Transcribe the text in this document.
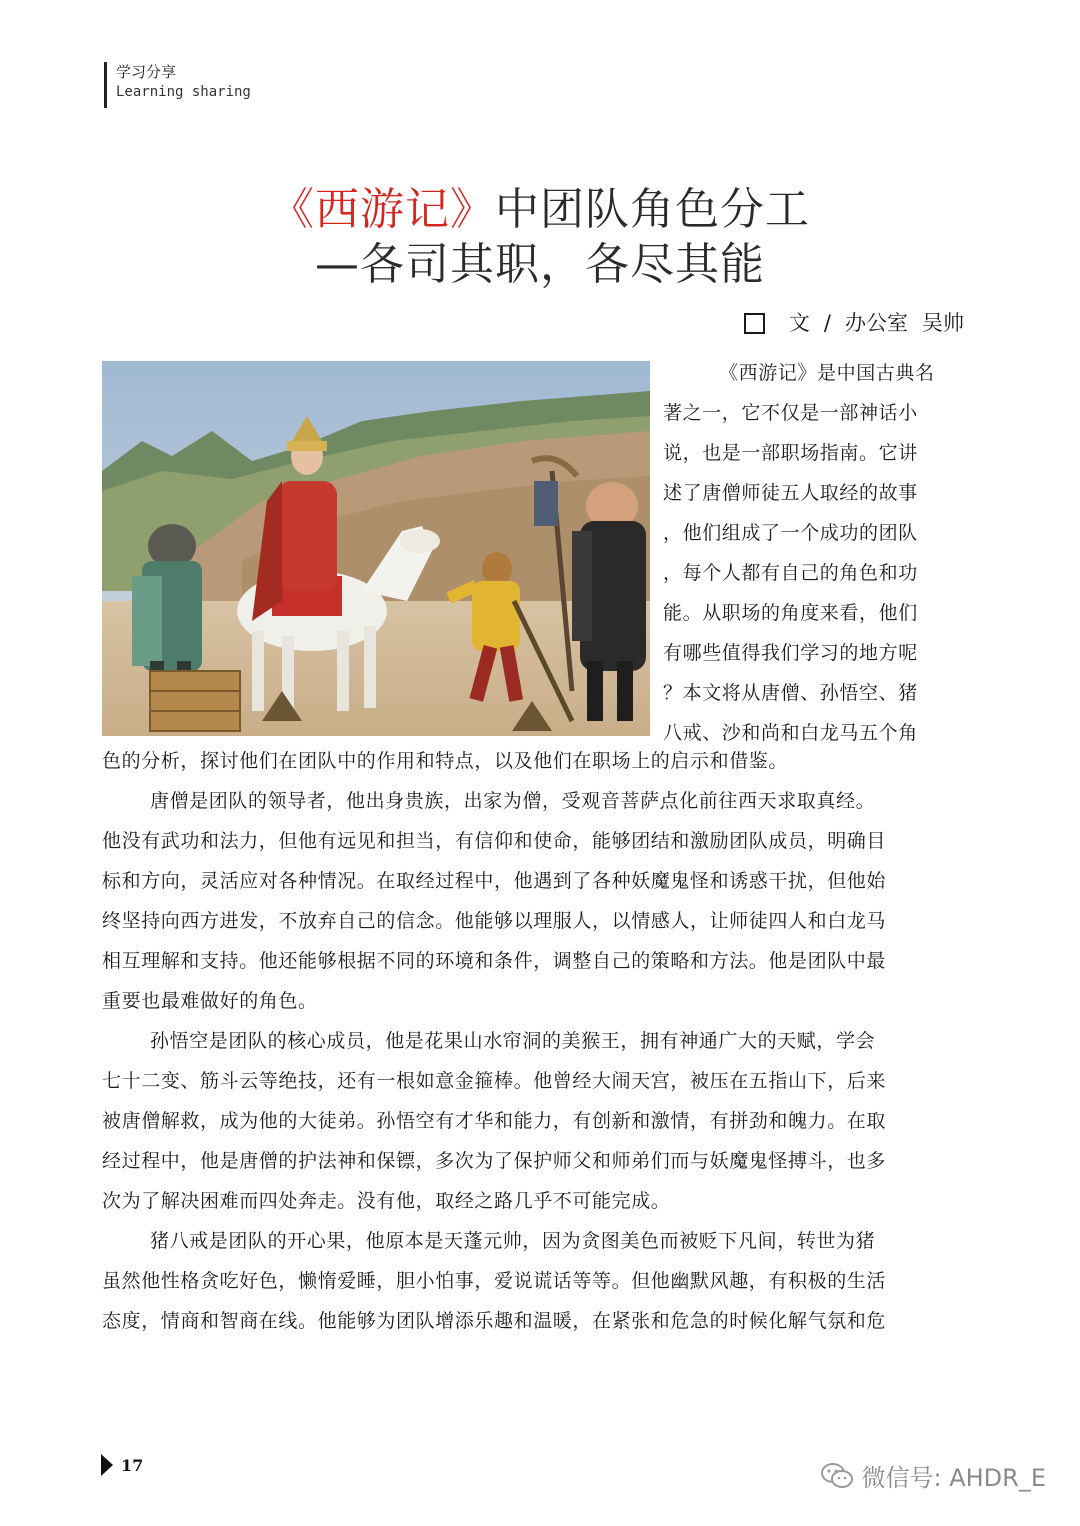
学习分享
Learning sharing
《西游记》中团队角色分工
—各司其职，各尽其能
文 / 办公室 吴帅
《西游记》是中国古典名
著之一，它不仅是一部神话小
说，也是一部职场指南。它讲
述了唐僧师徒五人取经的故事
，他们组成了一个成功的团队
，每个人都有自己的角色和功
能。从职场的角度来看，他们
有哪些值得我们学习的地方呢
？本文将从唐僧、孙悟空、猪
八戒、沙和尚和白龙马五个角
色的分析，探讨他们在团队中的作用和特点，以及他们在职场上的启示和借鉴。
唐僧是团队的领导者，他出身贵族，出家为僧，受观音菩萨点化前往西天求取真经。
他没有武功和法力，但他有远见和担当，有信仰和使命，能够团结和激励团队成员，明确目
标和方向，灵活应对各种情况。在取经过程中，他遇到了各种妖魔鬼怪和诱惑干扰，但他始
终坚持向西方进发，不放弃自己的信念。他能够以理服人，以情感人，让师徒四人和白龙马
相互理解和支持。他还能够根据不同的环境和条件，调整自己的策略和方法。他是团队中最
重要也最难做好的角色。
孙悟空是团队的核心成员，他是花果山水帘洞的美猴王，拥有神通广大的天赋，学会
七十二变、筋斗云等绝技，还有一根如意金箍棒。他曾经大闹天宫，被压在五指山下，后来
被唐僧解救，成为他的大徒弟。孙悟空有才华和能力，有创新和激情，有拼劲和魄力。在取
经过程中，他是唐僧的护法神和保镖，多次为了保护师父和师弟们而与妖魔鬼怪搏斗，也多
次为了解决困难而四处奔走。没有他，取经之路几乎不可能完成。
猪八戒是团队的开心果，他原本是天蓬元帅，因为贪图美色而被贬下凡间，转世为猪
虽然他性格贪吃好色，懒惰爱睡，胆小怕事，爱说谎话等等。但他幽默风趣，有积极的生活
态度，情商和智商在线。他能够为团队增添乐趣和温暖，在紧张和危急的时候化解气氛和危
17	微信号: AHDR_E
